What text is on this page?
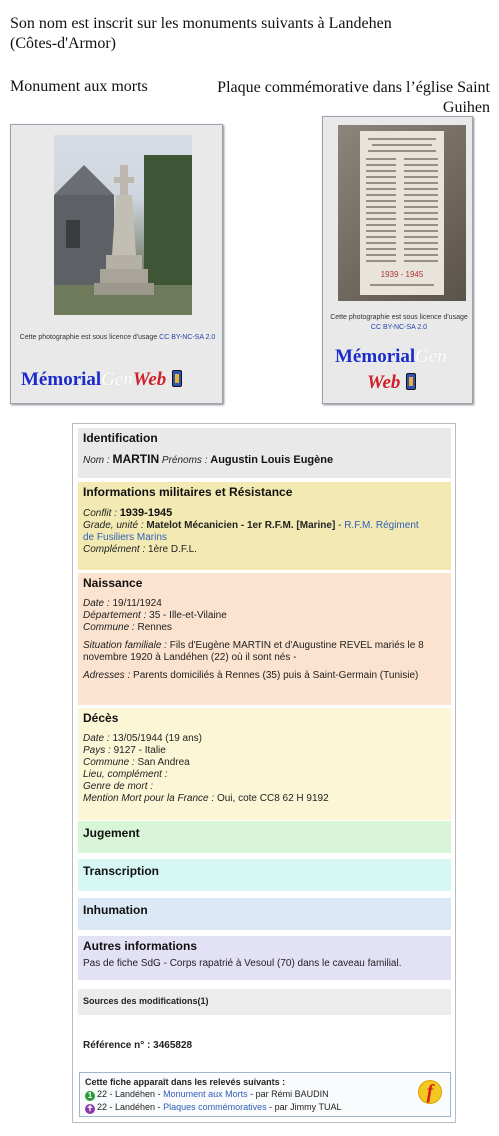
Son nom est inscrit sur les monuments suivants à Landehen (Côtes-d'Armor)
Monument aux morts	Plaque commémorative dans l’église Saint Guihen
Cette photographie est sous licence d'usage CC BY-NC-SA 2.0
MémorialGenWeb
1939 - 1945
Cette photographie est sous licence d'usage CC BY-NC-SA 2.0
MémorialGen
Web
Identification
Nom : MARTIN Prénoms : Augustin Louis Eugène
Informations militaires et Résistance
Conflit : 1939-1945
Grade, unité : Matelot Mécanicien - 1er R.F.M. [Marine] - R.F.M. Régiment
de Fusiliers Marins
Complément : 1ère D.F.L.
Naissance
Date : 19/11/1924
Département : 35 - Ille-et-Vilaine
Commune : Rennes
Situation familiale : Fils d'Eugène MARTIN et d'Augustine REVEL mariés le 8
novembre 1920 à Landéhen (22) où il sont nés -
Adresses : Parents domiciliés à Rennes (35) puis à Saint-Germain (Tunisie)
Décès
Date : 13/05/1944 (19 ans)
Pays : 9127 - Italie
Commune : San Andrea
Lieu, complément :
Genre de mort :
Mention Mort pour la France : Oui, cote CC8 62 H 9192
Jugement
Transcription
Inhumation
Autres informations
Pas de fiche SdG - Corps rapatrié à Vesoul (70) dans le caveau familial.
Sources des modifications(1)
Référence n° : 3465828
Cette fiche apparaît dans les relevés suivants :
1 22 - Landéhen - Monument aux Morts - par Rémi BAUDIN
✝ 22 - Landéhen - Plaques commémoratives - par Jimmy TUAL
f
